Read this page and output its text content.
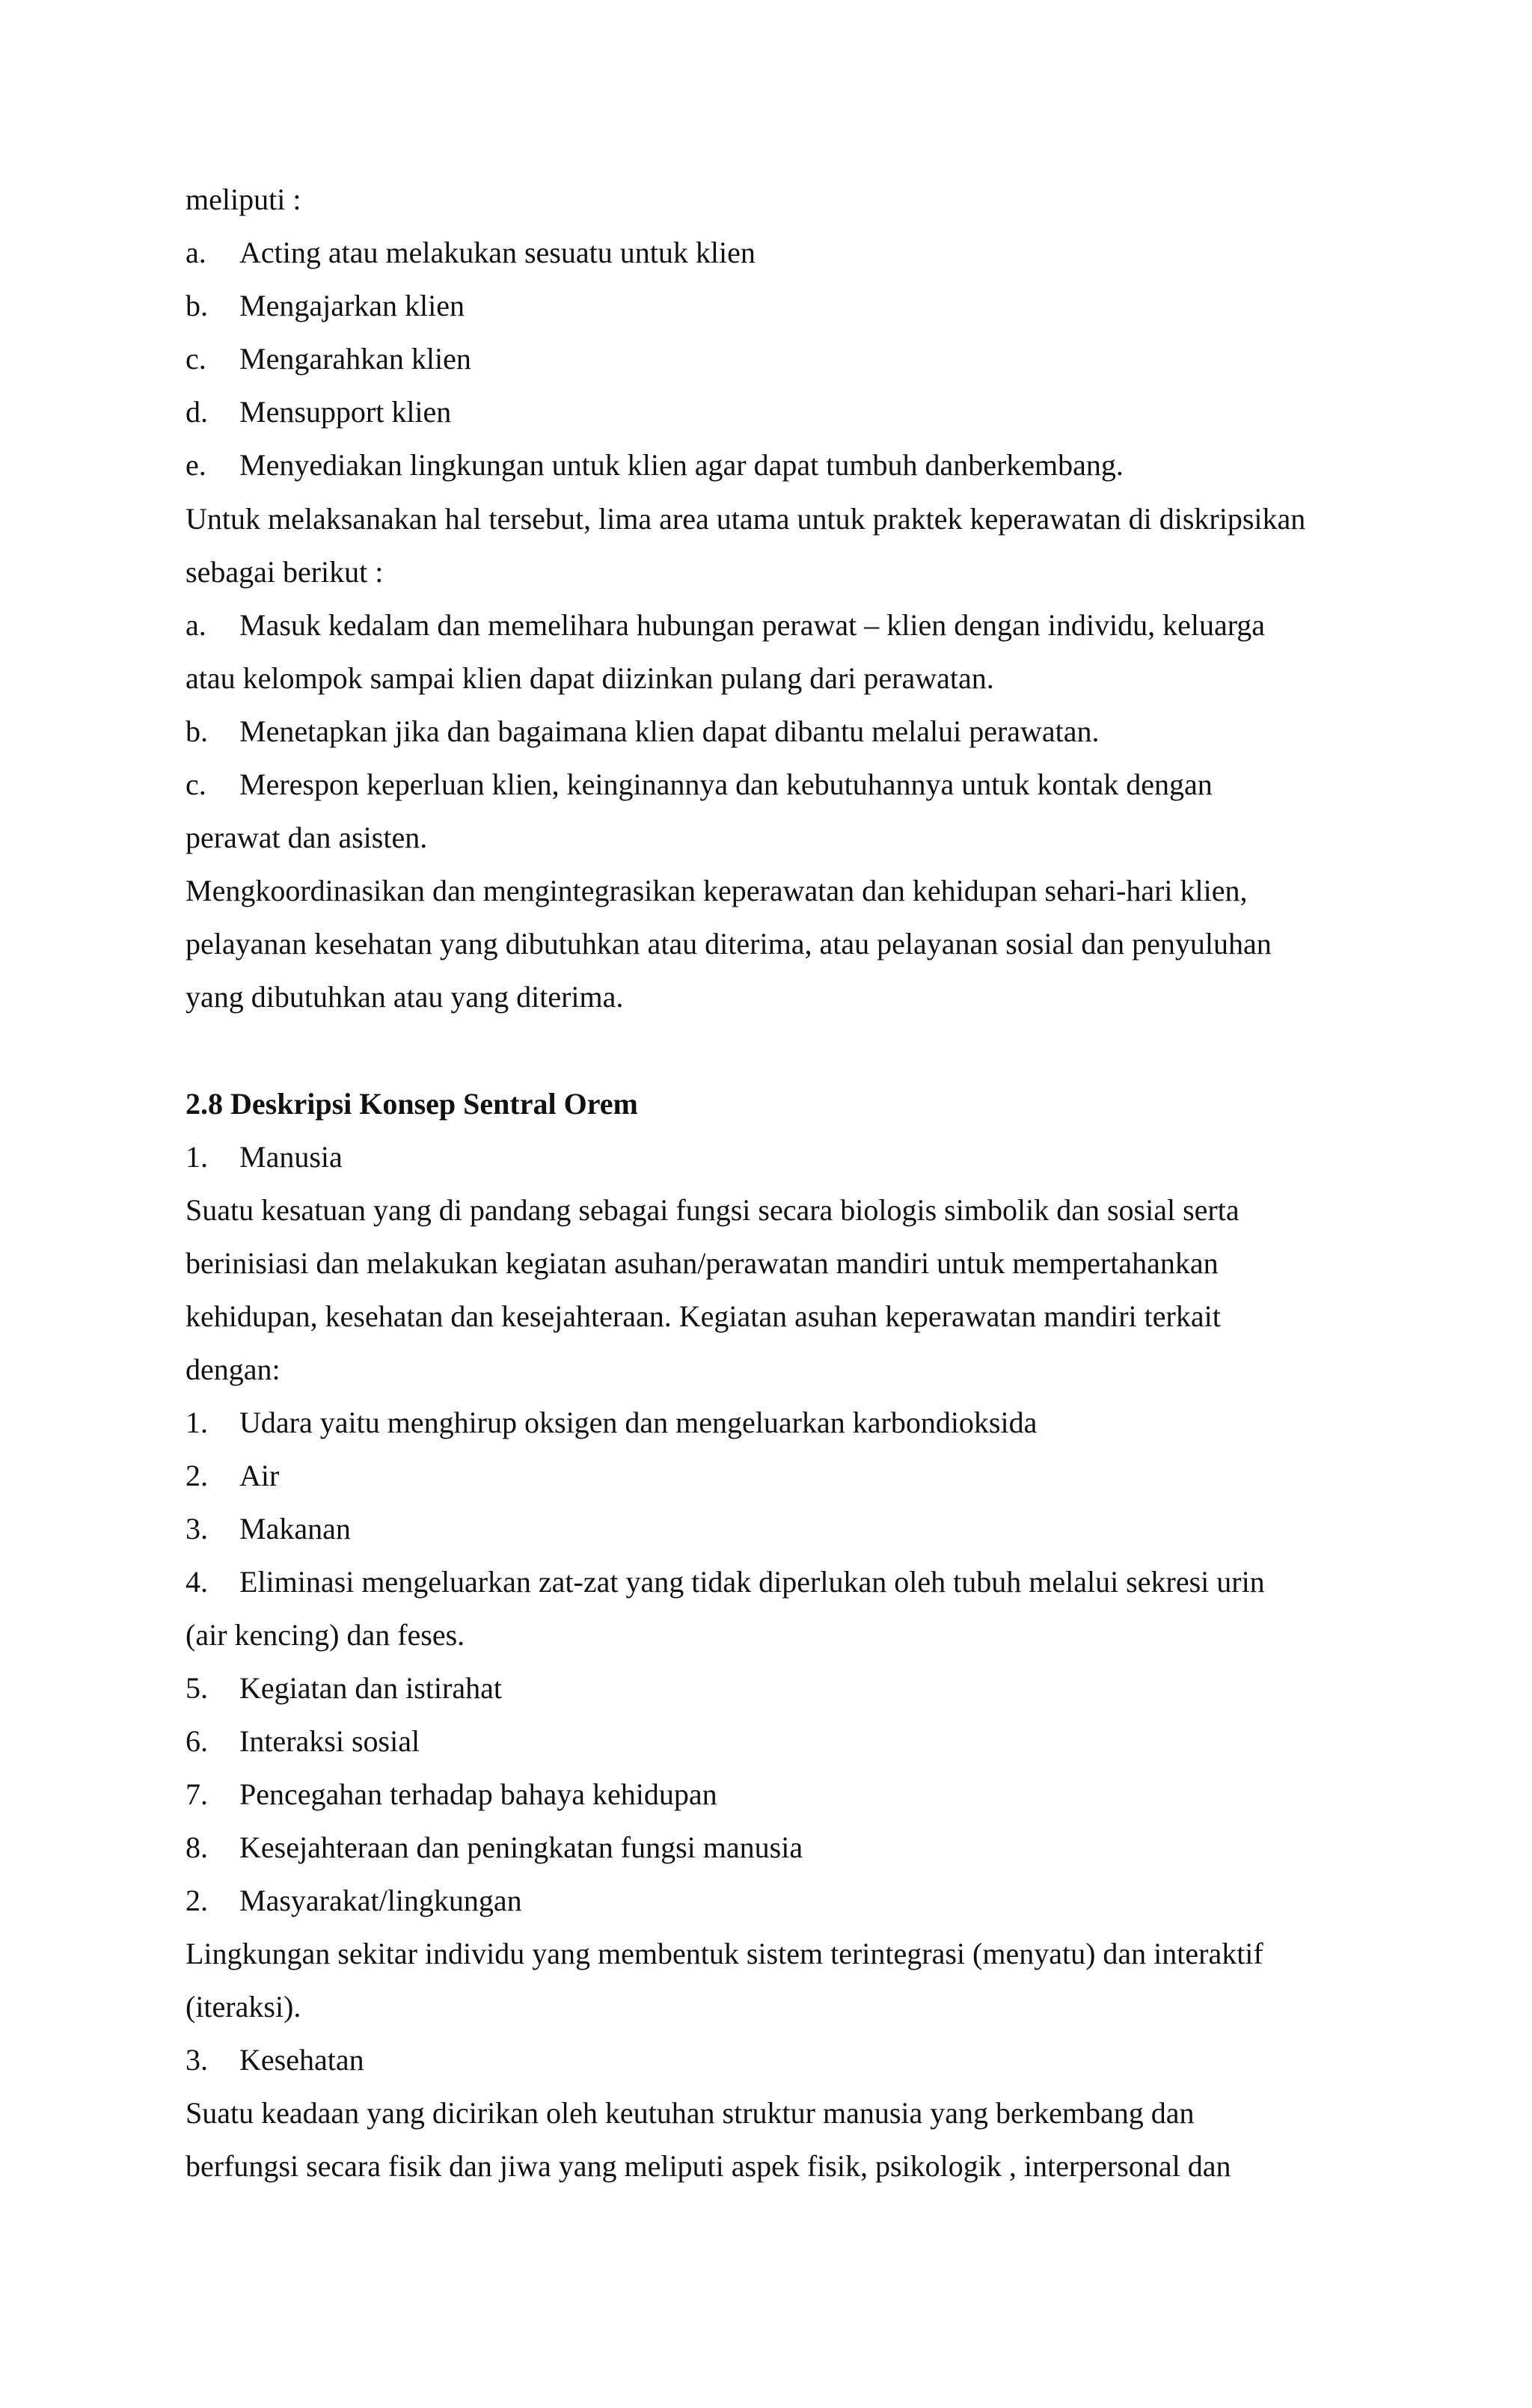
meliputi :
a. Acting atau melakukan sesuatu untuk klien
b. Mengajarkan klien
c. Mengarahkan klien
d. Mensupport klien
e. Menyediakan lingkungan untuk klien agar dapat tumbuh danberkembang.
Untuk melaksanakan hal tersebut, lima area utama untuk praktek keperawatan di diskripsikan
sebagai berikut :
a. Masuk kedalam dan memelihara hubungan perawat – klien dengan individu, keluarga
atau kelompok sampai klien dapat diizinkan pulang dari perawatan.
b. Menetapkan jika dan bagaimana klien dapat dibantu melalui perawatan.
c. Merespon keperluan klien, keinginannya dan kebutuhannya untuk kontak dengan
perawat dan asisten.
Mengkoordinasikan dan mengintegrasikan keperawatan dan kehidupan sehari-hari klien,
pelayanan kesehatan yang dibutuhkan atau diterima, atau pelayanan sosial dan penyuluhan
yang dibutuhkan atau yang diterima.
2.8 Deskripsi Konsep Sentral Orem
1. Manusia
Suatu kesatuan yang di pandang sebagai fungsi secara biologis simbolik dan sosial serta
berinisiasi dan melakukan kegiatan asuhan/perawatan mandiri untuk mempertahankan
kehidupan, kesehatan dan kesejahteraan. Kegiatan asuhan keperawatan mandiri terkait
dengan:
1. Udara yaitu menghirup oksigen dan mengeluarkan karbondioksida
2. Air
3. Makanan
4. Eliminasi mengeluarkan zat-zat yang tidak diperlukan oleh tubuh melalui sekresi urin
(air kencing) dan feses.
5. Kegiatan dan istirahat
6. Interaksi sosial
7. Pencegahan terhadap bahaya kehidupan
8. Kesejahteraan dan peningkatan fungsi manusia
2. Masyarakat/lingkungan
Lingkungan sekitar individu yang membentuk sistem terintegrasi (menyatu) dan interaktif
(iteraksi).
3. Kesehatan
Suatu keadaan yang dicirikan oleh keutuhan struktur manusia yang berkembang dan
berfungsi secara fisik dan jiwa yang meliputi aspek fisik, psikologik , interpersonal dan
